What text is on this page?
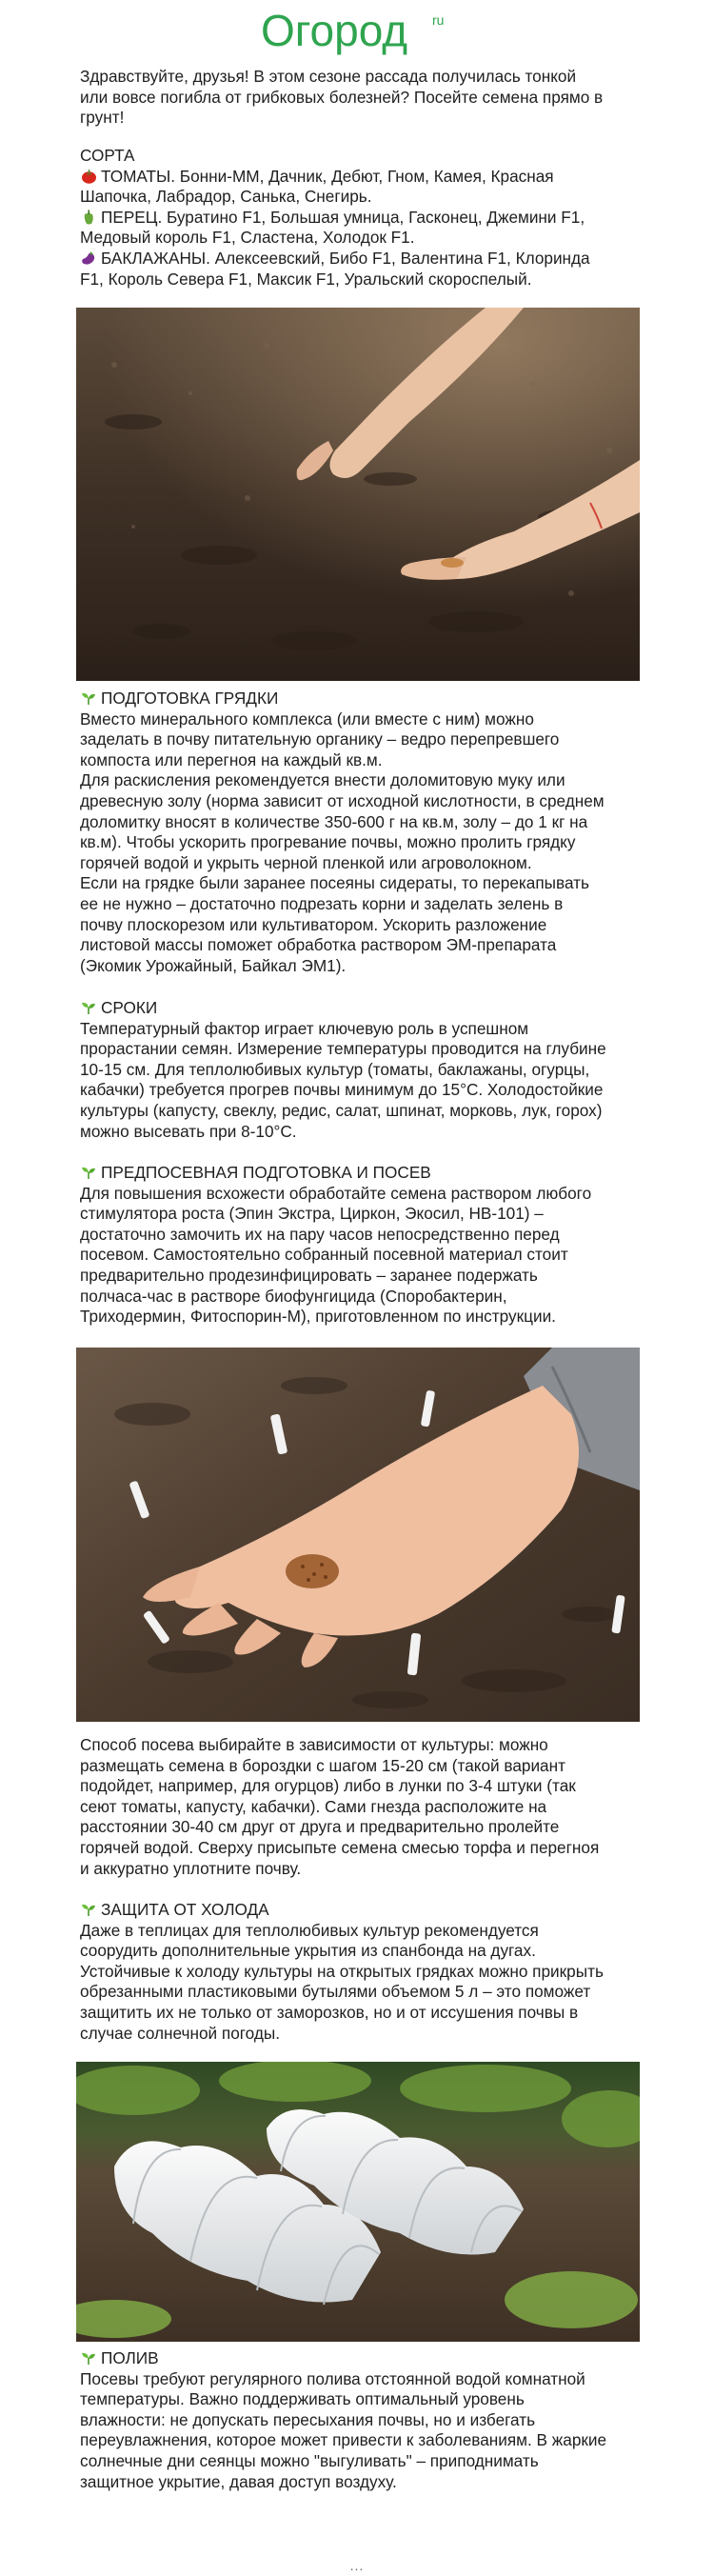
Огород ru
Здравствуйте, друзья! В этом сезоне рассада получилась тонкой
или вовсе погибла от грибковых болезней? Посейте семена прямо в
грунт!
СОРТА
ТОМАТЫ. Бонни-ММ, Дачник, Дебют, Гном, Камея, Красная
Шапочка, Лабрадор, Санька, Снегирь.
ПЕРЕЦ. Буратино F1, Большая умница, Гасконец, Джемини F1,
Медовый король F1, Сластена, Холодок F1.
БАКЛАЖАНЫ. Алексеевский, Бибо F1, Валентина F1, Клоринда
F1, Король Севера F1, Максик F1, Уральский скороспелый.
ПОДГОТОВКА ГРЯДКИ
Вместо минерального комплекса (или вместе с ним) можно
заделать в почву питательную органику – ведро перепревшего
компоста или перегноя на каждый кв.м.
Для раскисления рекомендуется внести доломитовую муку или
древесную золу (норма зависит от исходной кислотности, в среднем
доломитку вносят в количестве 350-600 г на кв.м, золу – до 1 кг на
кв.м). Чтобы ускорить прогревание почвы, можно пролить грядку
горячей водой и укрыть черной пленкой или агроволокном.
Если на грядке были заранее посеяны сидераты, то перекапывать
ее не нужно – достаточно подрезать корни и заделать зелень в
почву плоскорезом или культиватором. Ускорить разложение
листовой массы поможет обработка раствором ЭМ-препарата
(Экомик Урожайный, Байкал ЭМ1).
СРОКИ
Температурный фактор играет ключевую роль в успешном
прорастании семян. Измерение температуры проводится на глубине
10-15 см. Для теплолюбивых культур (томаты, баклажаны, огурцы,
кабачки) требуется прогрев почвы минимум до 15°С. Холодостойкие
культуры (капусту, свеклу, редис, салат, шпинат, морковь, лук, горох)
можно высевать при 8-10°С.
ПРЕДПОСЕВНАЯ ПОДГОТОВКА И ПОСЕВ
Для повышения всхожести обработайте семена раствором любого
стимулятора роста (Эпин Экстра, Циркон, Экосил, НВ-101) –
достаточно замочить их на пару часов непосредственно перед
посевом. Самостоятельно собранный посевной материал стоит
предварительно продезинфицировать – заранее подержать
полчаса-час в растворе биофунгицида (Споробактерин,
Триходермин, Фитоспорин-М), приготовленном по инструкции.
Способ посева выбирайте в зависимости от культуры: можно
размещать семена в бороздки с шагом 15-20 см (такой вариант
подойдет, например, для огурцов) либо в лунки по 3-4 штуки (так
сеют томаты, капусту, кабачки). Сами гнезда расположите на
расстоянии 30-40 см друг от друга и предварительно пролейте
горячей водой. Сверху присыпьте семена смесью торфа и перегноя
и аккуратно уплотните почву.
ЗАЩИТА ОТ ХОЛОДА
Даже в теплицах для теплолюбивых культур рекомендуется
соорудить дополнительные укрытия из спанбонда на дугах.
Устойчивые к холоду культуры на открытых грядках можно прикрыть
обрезанными пластиковыми бутылями объемом 5 л – это поможет
защитить их не только от заморозков, но и от иссушения почвы в
случае солнечной погоды.
ПОЛИВ
Посевы требуют регулярного полива отстоянной водой комнатной
температуры. Важно поддерживать оптимальный уровень
влажности: не допускать пересыхания почвы, но и избегать
переувлажнения, которое может привести к заболеваниям. В жаркие
солнечные дни сеянцы можно "выгуливать" – приподнимать
защитное укрытие, давая доступ воздуху.
...
